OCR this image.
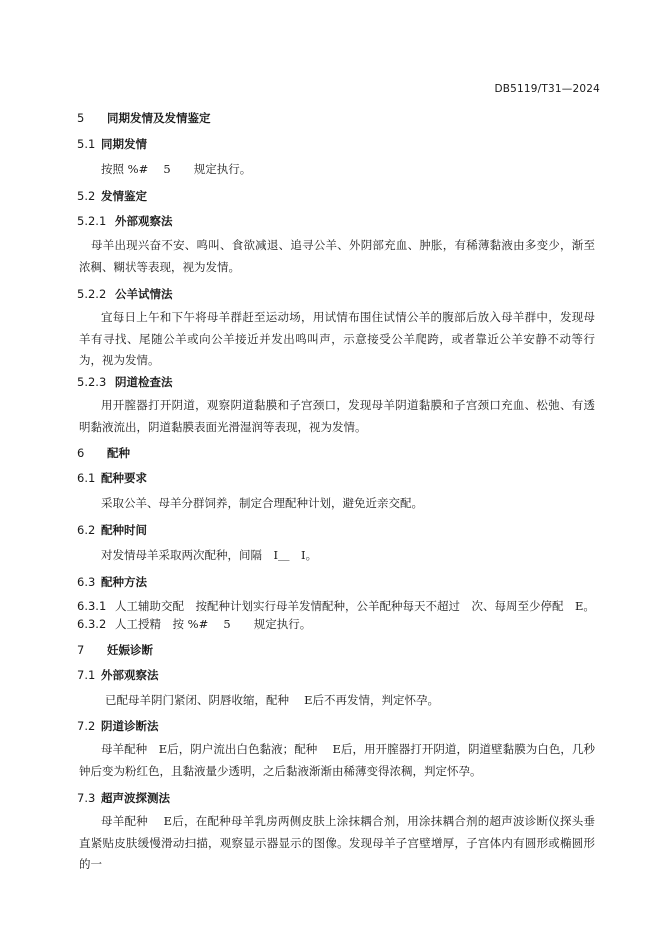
DB5119/T31—2024
5 同期发情及发情鉴定
5.1 同期发情
按照 %#　 5　　规定执行。
5.2 发情鉴定
5.2.1 外部观察法
母羊出现兴奋不安、鸣叫、食欲减退、追寻公羊、外阴部充血、肿胀，有稀薄黏液由多变少，渐至浓稠、糊状等表现，视为发情。
5.2.2 公羊试情法
宜每日上午和下午将母羊群赶至运动场，用试情布围住试情公羊的腹部后放入母羊群中，发现母羊有寻找、尾随公羊或向公羊接近并发出鸣叫声，示意接受公羊爬跨，或者靠近公羊安静不动等行为，视为发情。
5.2.3 阴道检查法
用开膣器打开阴道，观察阴道黏膜和子宫颈口，发现母羊阴道黏膜和子宫颈口充血、松弛、有透明黏液流出，阴道黏膜表面光滑湿润等表现，视为发情。
6 配种
6.1 配种要求
采取公羊、母羊分群饲养，制定合理配种计划，避免近亲交配。
6.2 配种时间
对发情母羊采取两次配种，间隔　I＿　I。
6.3 配种方法
6.3.1 人工辅助交配　按配种计划实行母羊发情配种，公羊配种每天不超过　次、每周至少停配　E。
6.3.2 人工授精　按 %#　 5　　规定执行。
7 妊娠诊断
7.1 外部观察法
已配母羊阴门紧闭、阴唇收缩，配种　 E后不再发情，判定怀孕。
7.2 阴道诊断法
母羊配种　E后，阴户流出白色黏液；配种　 E后，用开膣器打开阴道，阴道壁黏膜为白色，几秒钟后变为粉红色，且黏液量少透明，之后黏液渐渐由稀薄变得浓稠，判定怀孕。
7.3 超声波探测法
母羊配种　 E后，在配种母羊乳房两侧皮肤上涂抹耦合剂，用涂抹耦合剂的超声波诊断仪探头垂直紧贴皮肤缓慢滑动扫描，观察显示器显示的图像。发现母羊子宫壁增厚，子宫体内有圆形或椭圆形的一
